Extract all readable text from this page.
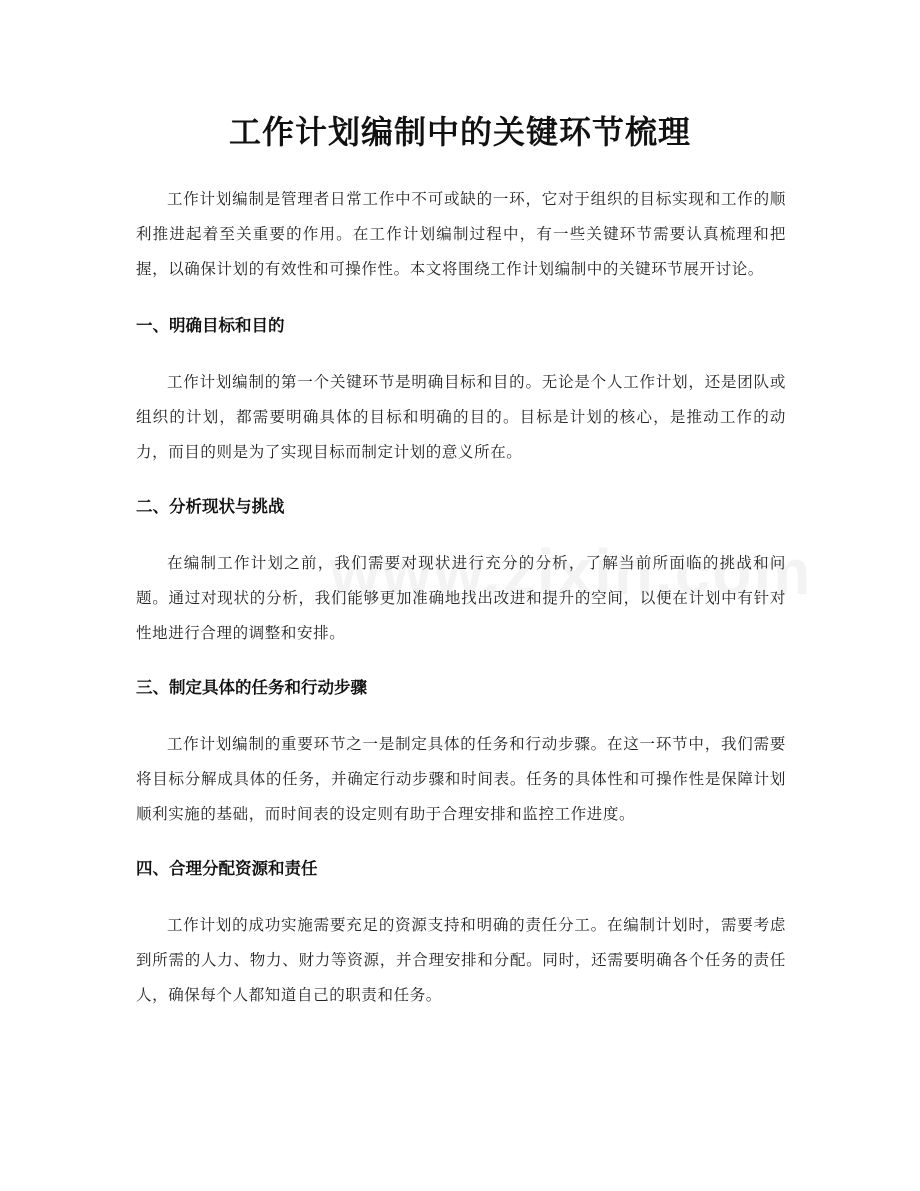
工作计划编制中的关键环节梳理

工作计划编制是管理者日常工作中不可或缺的一环，它对于组织的目标实现和工作的顺利推进起着至关重要的作用。在工作计划编制过程中，有一些关键环节需要认真梳理和把握，以确保计划的有效性和可操作性。本文将围绕工作计划编制中的关键环节展开讨论。

一、明确目标和目的

工作计划编制的第一个关键环节是明确目标和目的。无论是个人工作计划，还是团队或组织的计划，都需要明确具体的目标和明确的目的。目标是计划的核心，是推动工作的动力，而目的则是为了实现目标而制定计划的意义所在。

二、分析现状与挑战

在编制工作计划之前，我们需要对现状进行充分的分析，了解当前所面临的挑战和问题。通过对现状的分析，我们能够更加准确地找出改进和提升的空间，以便在计划中有针对性地进行合理的调整和安排。

三、制定具体的任务和行动步骤

工作计划编制的重要环节之一是制定具体的任务和行动步骤。在这一环节中，我们需要将目标分解成具体的任务，并确定行动步骤和时间表。任务的具体性和可操作性是保障计划顺利实施的基础，而时间表的设定则有助于合理安排和监控工作进度。

四、合理分配资源和责任

工作计划的成功实施需要充足的资源支持和明确的责任分工。在编制计划时，需要考虑到所需的人力、物力、财力等资源，并合理安排和分配。同时，还需要明确各个任务的责任人，确保每个人都知道自己的职责和任务。
